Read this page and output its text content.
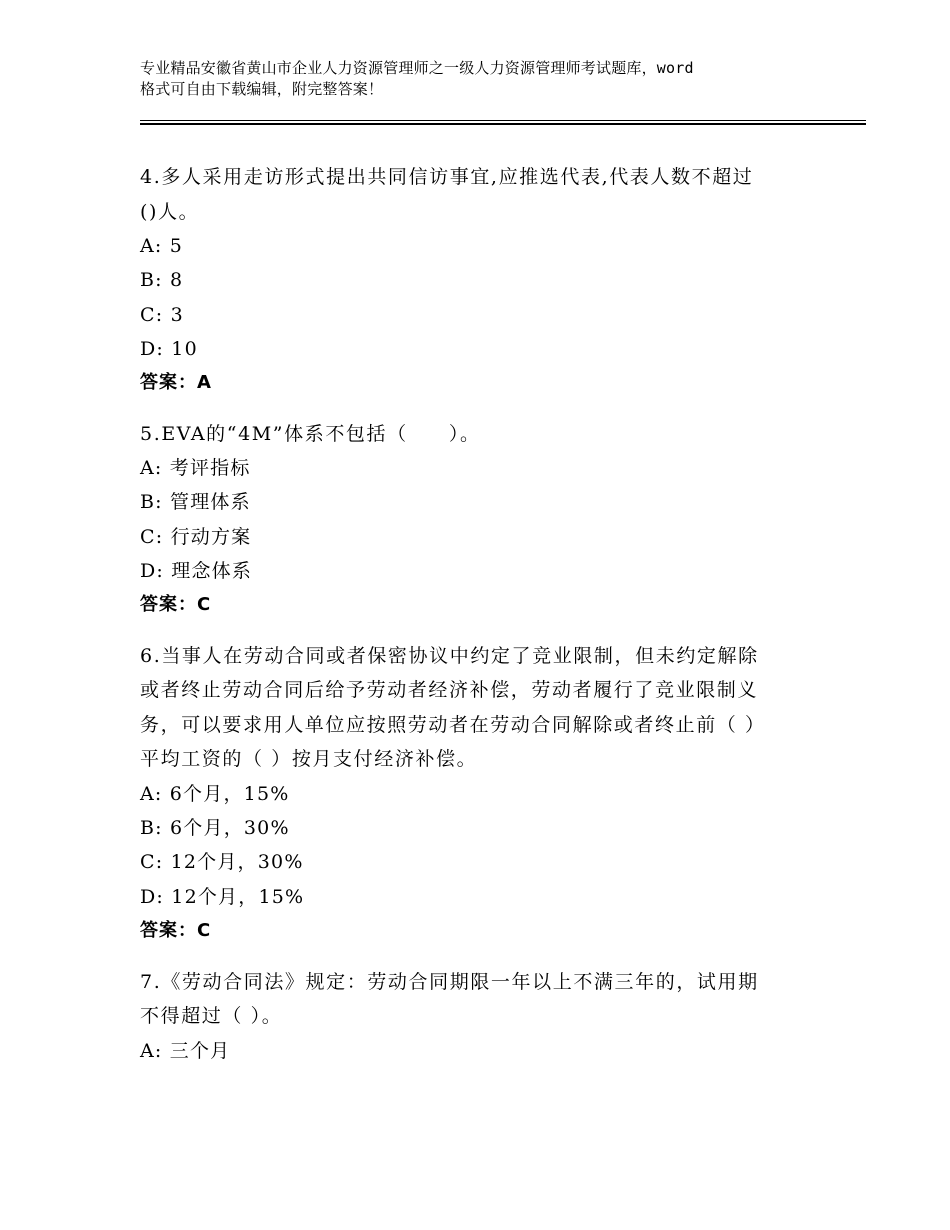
专业精品安徽省黄山市企业人力资源管理师之一级人力资源管理师考试题库，word
格式可自由下载编辑，附完整答案！
4.多人采用走访形式提出共同信访事宜,应推选代表,代表人数不超过
()人。
A: 5
B: 8
C: 3
D: 10
答案：A
5.EVA的“4M”体系不包括（　　）。
A: 考评指标
B: 管理体系
C: 行动方案
D: 理念体系
答案：C
6.当事人在劳动合同或者保密协议中约定了竞业限制，但未约定解除
或者终止劳动合同后给予劳动者经济补偿，劳动者履行了竞业限制义
务，可以要求用人单位应按照劳动者在劳动合同解除或者终止前（ ）
平均工资的（ ）按月支付经济补偿。
A: 6个月，15%
B: 6个月，30%
C: 12个月，30%
D: 12个月，15%
答案：C
7.《劳动合同法》规定：劳动合同期限一年以上不满三年的，试用期
不得超过（ ）。
A: 三个月
